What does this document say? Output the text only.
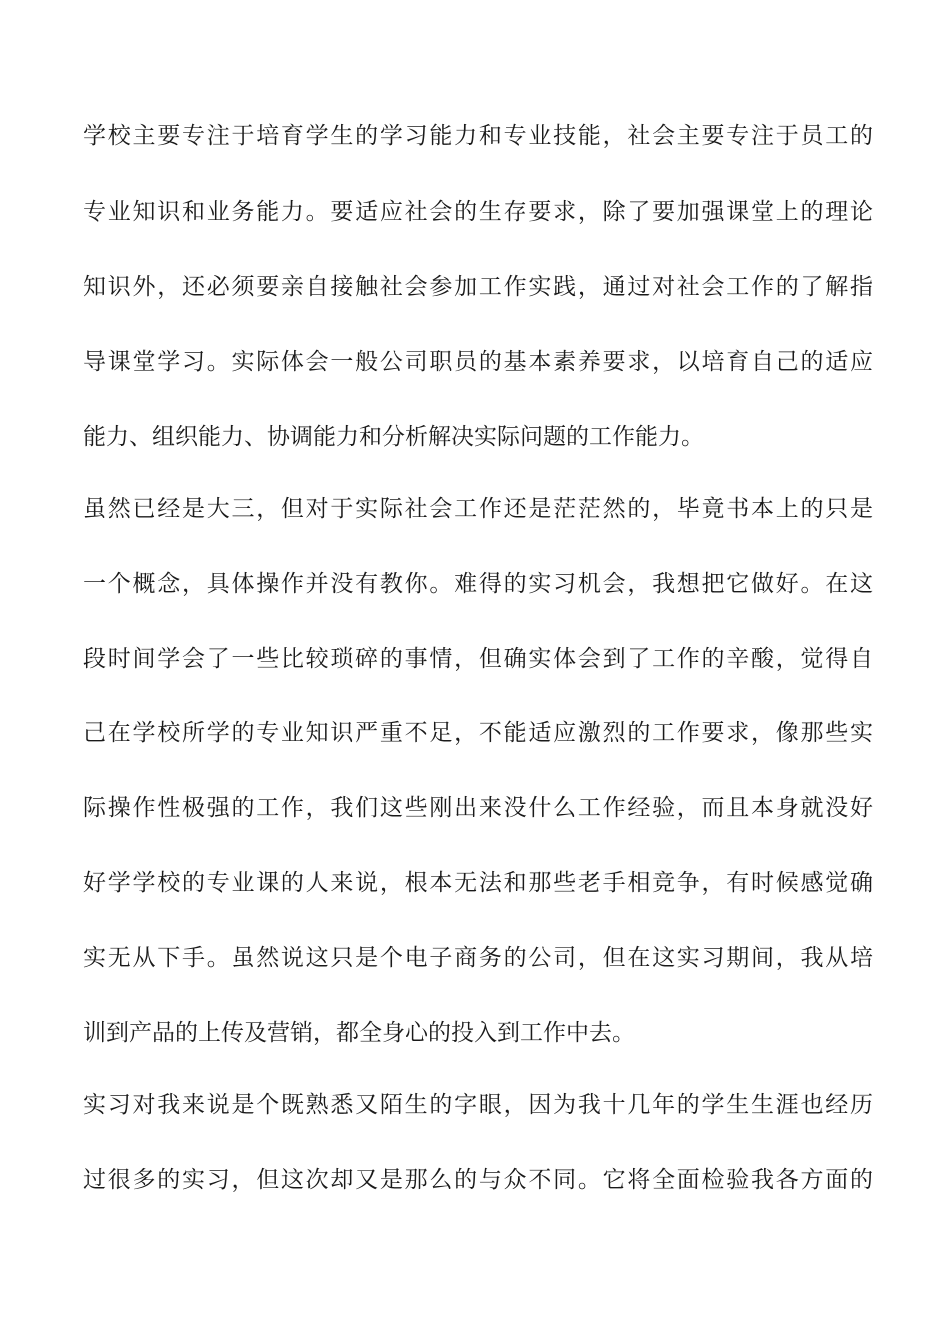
学校主要专注于培育学生的学习能力和专业技能，社会主要专注于员工的
专业知识和业务能力。要适应社会的生存要求，除了要加强课堂上的理论
知识外，还必须要亲自接触社会参加工作实践，通过对社会工作的了解指
导课堂学习。实际体会一般公司职员的基本素养要求，以培育自己的适应
能力、组织能力、协调能力和分析解决实际问题的工作能力。
虽然已经是大三，但对于实际社会工作还是茫茫然的，毕竟书本上的只是
一个概念，具体操作并没有教你。难得的实习机会，我想把它做好。在这
段时间学会了一些比较琐碎的事情，但确实体会到了工作的辛酸，觉得自
己在学校所学的专业知识严重不足，不能适应激烈的工作要求，像那些实
际操作性极强的工作，我们这些刚出来没什么工作经验，而且本身就没好
好学学校的专业课的人来说，根本无法和那些老手相竞争，有时候感觉确
实无从下手。虽然说这只是个电子商务的公司，但在这实习期间，我从培
训到产品的上传及营销，都全身心的投入到工作中去。
实习对我来说是个既熟悉又陌生的字眼，因为我十几年的学生生涯也经历
过很多的实习，但这次却又是那么的与众不同。它将全面检验我各方面的
